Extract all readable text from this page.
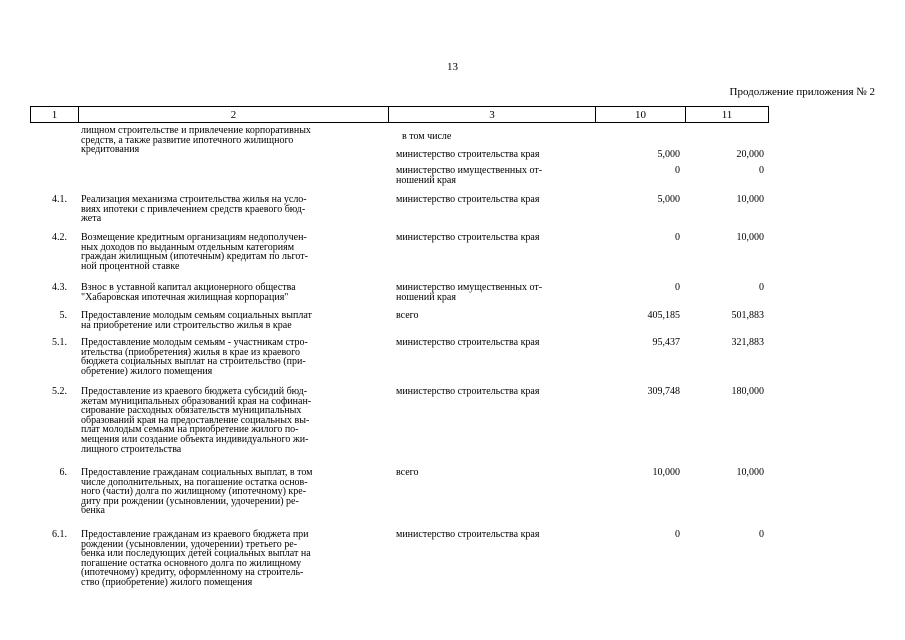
13
Продолжение приложения № 2
1	2	3	10	11
лищном строительстве и привлечение корпоративных
средств, а также развитие ипотечного жилищного
кредитования
в том числе
министерство строительства края	5,000	20,000
министерство имущественных от-
ношений края
0	0
4.1. Реализация механизма строительства жилья на усло-
виях ипотеки с привлечением средств краевого бюд-
жета
министерство строительства края	5,000	10,000
4.2. Возмещение кредитным организациям недополучен-
ных доходов по выданным отдельным категориям
граждан жилищным (ипотечным) кредитам по льгот-
ной процентной ставке
министерство строительства края	0	10,000
4.3. Взнос в уставной капитал акционерного общества
"Хабаровская ипотечная жилищная корпорация"
министерство имущественных от-
ношений края
0	0
5. Предоставление молодым семьям социальных выплат
на приобретение или строительство жилья в крае
всего	405,185	501,883
5.1. Предоставление молодым семьям - участникам стро-
ительства (приобретения) жилья в крае из краевого
бюджета социальных выплат на строительство (при-
обретение) жилого помещения
министерство строительства края	95,437	321,883
5.2. Предоставление из краевого бюджета субсидий бюд-
жетам муниципальных образований края на софинан-
сирование расходных обязательств муниципальных
образований края на предоставление социальных вы-
плат молодым семьям на приобретение жилого по-
мещения или создание объекта индивидуального жи-
лищного строительства
министерство строительства края	309,748	180,000
6. Предоставление гражданам социальных выплат, в том
числе дополнительных, на погашение остатка основ-
ного (части) долга по жилищному (ипотечному) кре-
диту при рождении (усыновлении, удочерении) ре-
бенка
всего	10,000	10,000
6.1. Предоставление гражданам из краевого бюджета при
рождении (усыновлении, удочерении) третьего ре-
бенка или последующих детей социальных выплат на
погашение остатка основного долга по жилищному
(ипотечному) кредиту, оформленному на строитель-
ство (приобретение) жилого помещения
министерство строительства края	0	0
